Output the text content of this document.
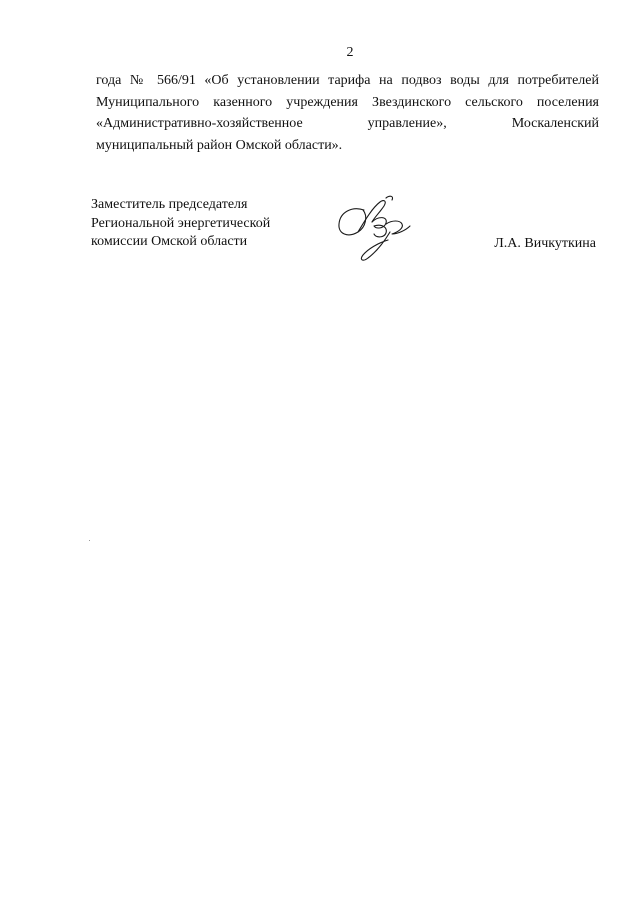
2
года № 566/91 «Об установлении тарифа на подвоз воды для потребителей
Муниципального казенного учреждения Звездинского сельского поселения
«Административно-хозяйственное управление», Москаленский
муниципальный район Омской области».
Заместитель председателя
Региональной энергетической
комиссии Омской области	Л.А. Вичкуткина
